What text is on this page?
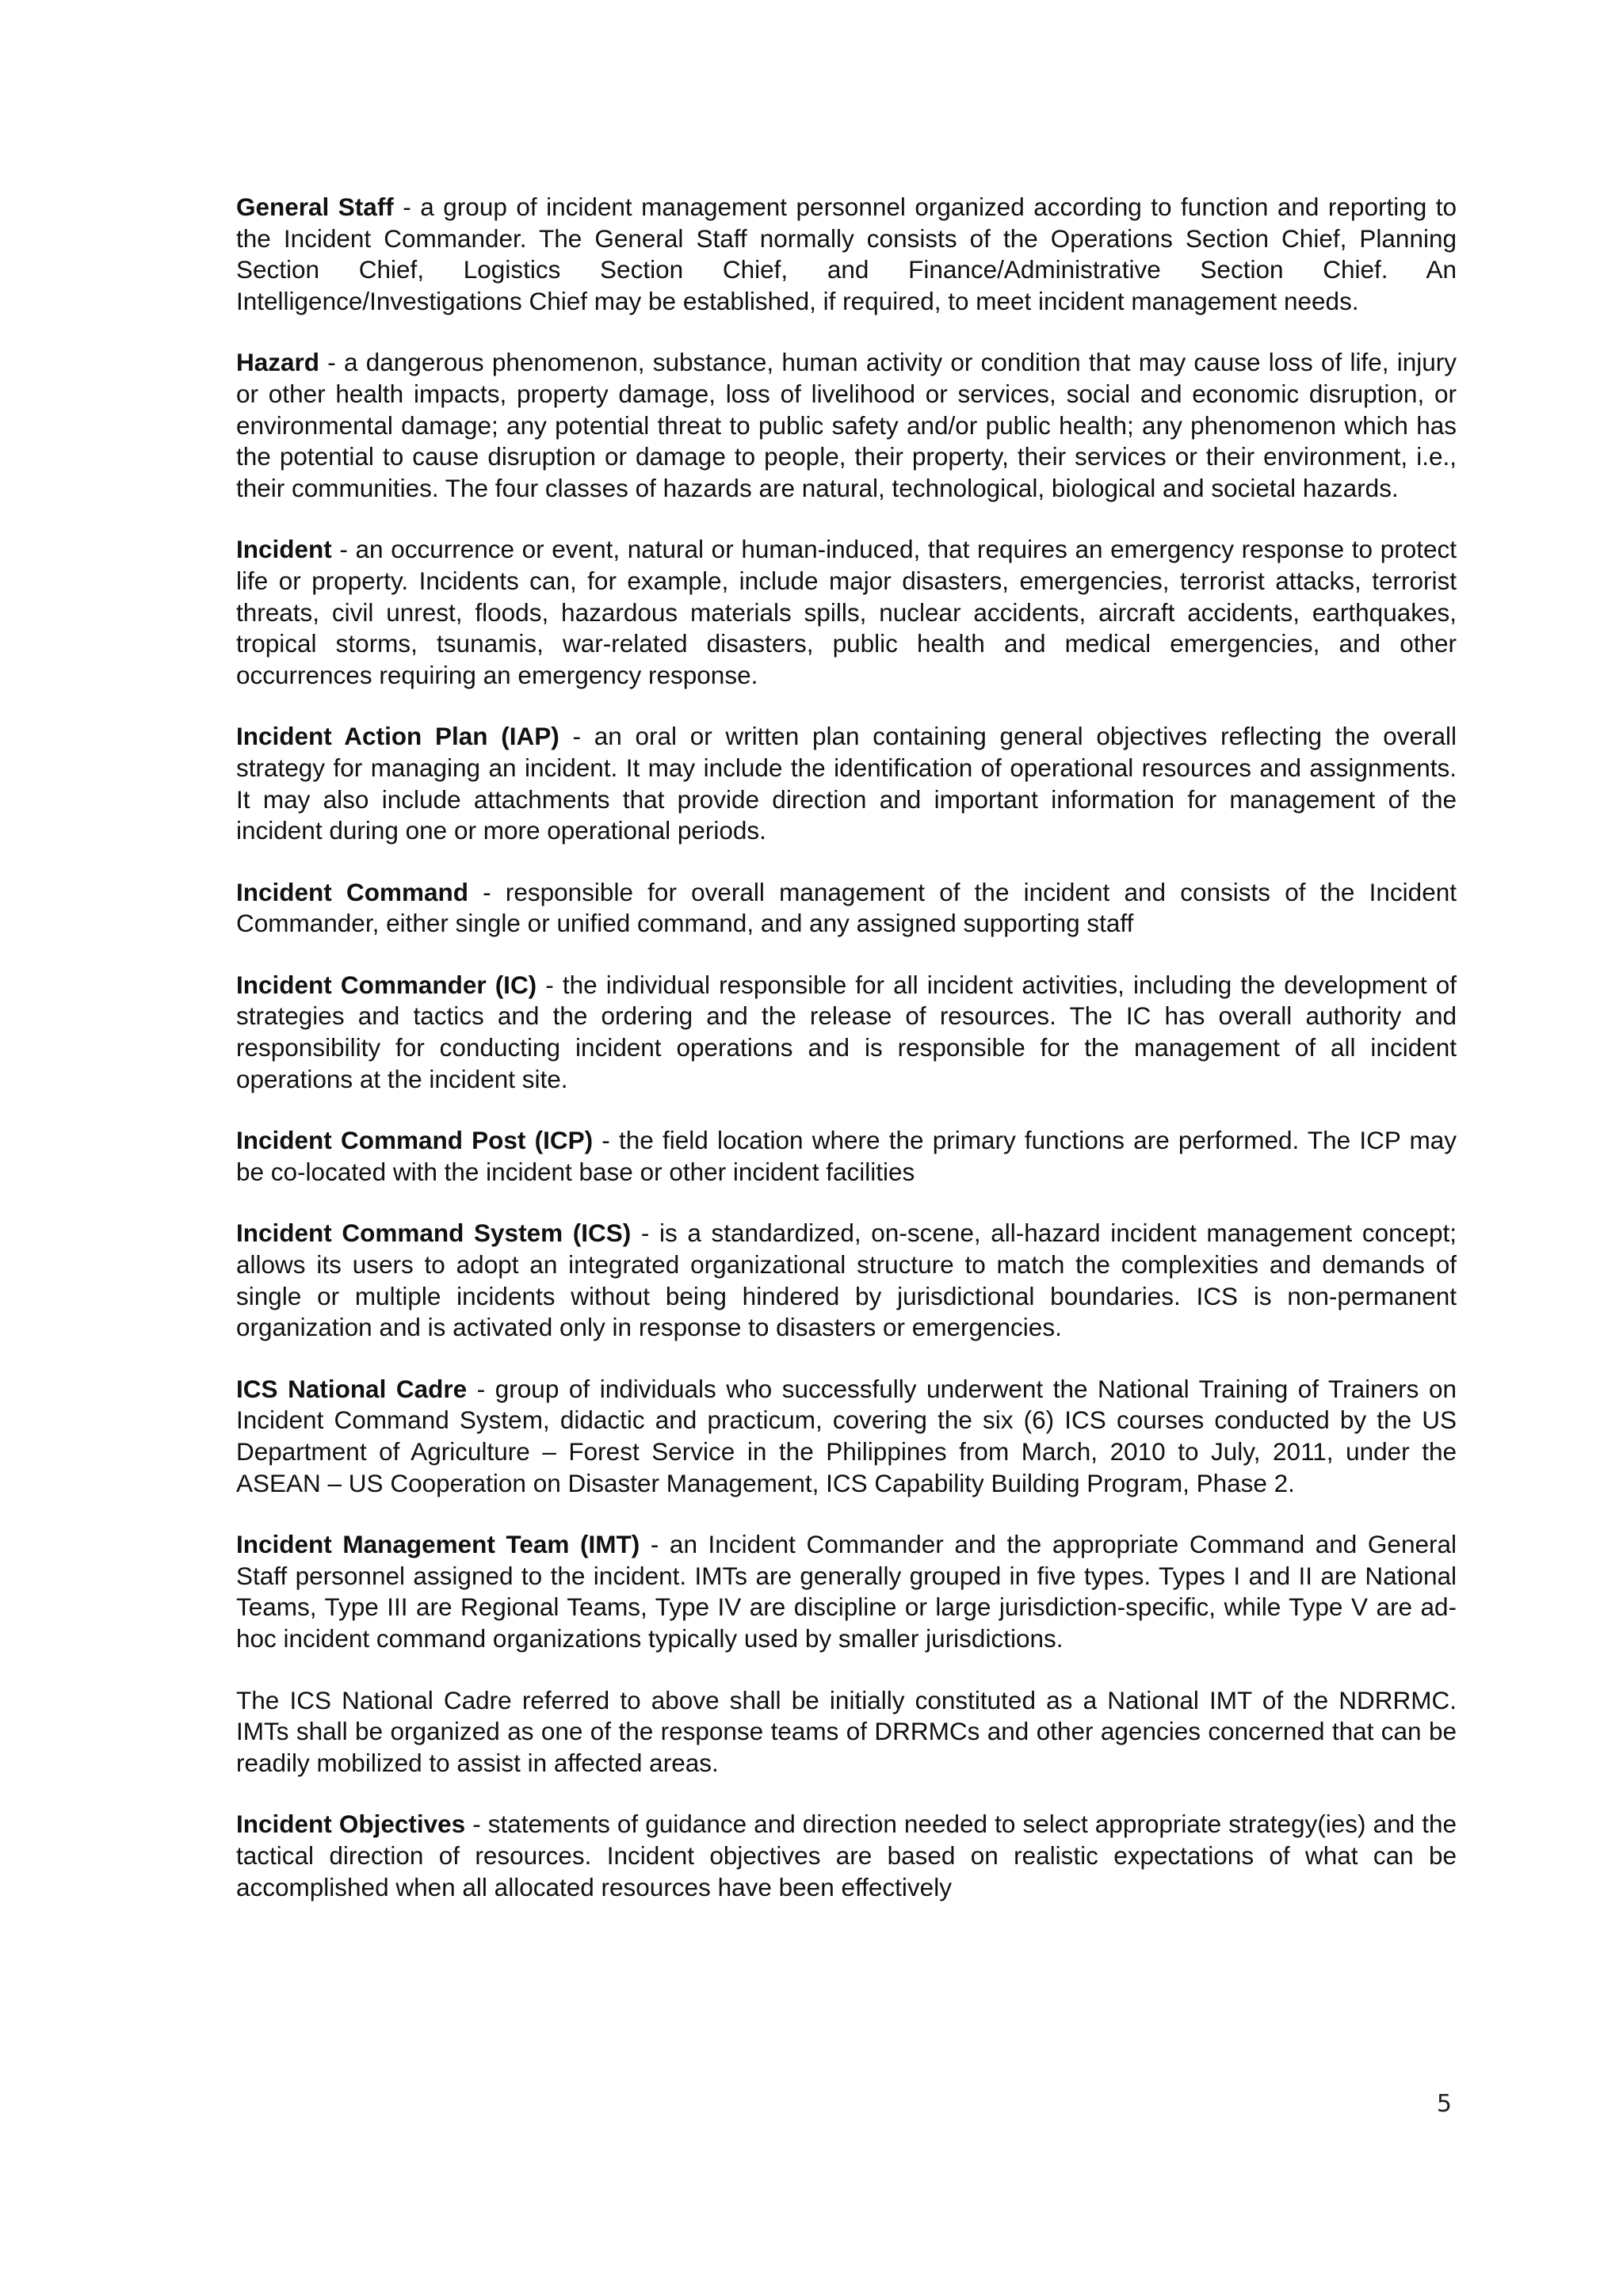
General Staff - a group of incident management personnel organized according to function and reporting to the Incident Commander. The General Staff normally consists of the Operations Section Chief, Planning Section Chief, Logistics Section Chief, and Finance/Administrative Section Chief. An Intelligence/Investigations Chief may be established, if required, to meet incident management needs.

Hazard - a dangerous phenomenon, substance, human activity or condition that may cause loss of life, injury or other health impacts, property damage, loss of livelihood or services, social and economic disruption, or environmental damage; any potential threat to public safety and/or public health; any phenomenon which has the potential to cause disruption or damage to people, their property, their services or their environment, i.e., their communities. The four classes of hazards are natural, technological, biological and societal hazards.

Incident - an occurrence or event, natural or human-induced, that requires an emergency response to protect life or property. Incidents can, for example, include major disasters, emergencies, terrorist attacks, terrorist threats, civil unrest, floods, hazardous materials spills, nuclear accidents, aircraft accidents, earthquakes, tropical storms, tsunamis, war-related disasters, public health and medical emergencies, and other occurrences requiring an emergency response.

Incident Action Plan (IAP) - an oral or written plan containing general objectives reflecting the overall strategy for managing an incident. It may include the identification of operational resources and assignments. It may also include attachments that provide direction and important information for management of the incident during one or more operational periods.

Incident Command - responsible for overall management of the incident and consists of the Incident Commander, either single or unified command, and any assigned supporting staff

Incident Commander (IC) - the individual responsible for all incident activities, including the development of strategies and tactics and the ordering and the release of resources. The IC has overall authority and responsibility for conducting incident operations and is responsible for the management of all incident operations at the incident site.

Incident Command Post (ICP) - the field location where the primary functions are performed. The ICP may be co-located with the incident base or other incident facilities

Incident Command System (ICS) - is a standardized, on-scene, all-hazard incident management concept; allows its users to adopt an integrated organizational structure to match the complexities and demands of single or multiple incidents without being hindered by jurisdictional boundaries. ICS is non-permanent organization and is activated only in response to disasters or emergencies.

ICS National Cadre - group of individuals who successfully underwent the National Training of Trainers on Incident Command System, didactic and practicum, covering the six (6) ICS courses conducted by the US Department of Agriculture – Forest Service in the Philippines from March, 2010 to July, 2011, under the ASEAN – US Cooperation on Disaster Management, ICS Capability Building Program, Phase 2.

Incident Management Team (IMT) - an Incident Commander and the appropriate Command and General Staff personnel assigned to the incident. IMTs are generally grouped in five types. Types I and II are National Teams, Type III are Regional Teams, Type IV are discipline or large jurisdiction-specific, while Type V are ad-hoc incident command organizations typically used by smaller jurisdictions.

The ICS National Cadre referred to above shall be initially constituted as a National IMT of the NDRRMC. IMTs shall be organized as one of the response teams of DRRMCs and other agencies concerned that can be readily mobilized to assist in affected areas.

Incident Objectives - statements of guidance and direction needed to select appropriate strategy(ies) and the tactical direction of resources. Incident objectives are based on realistic expectations of what can be accomplished when all allocated resources have been effectively

5
